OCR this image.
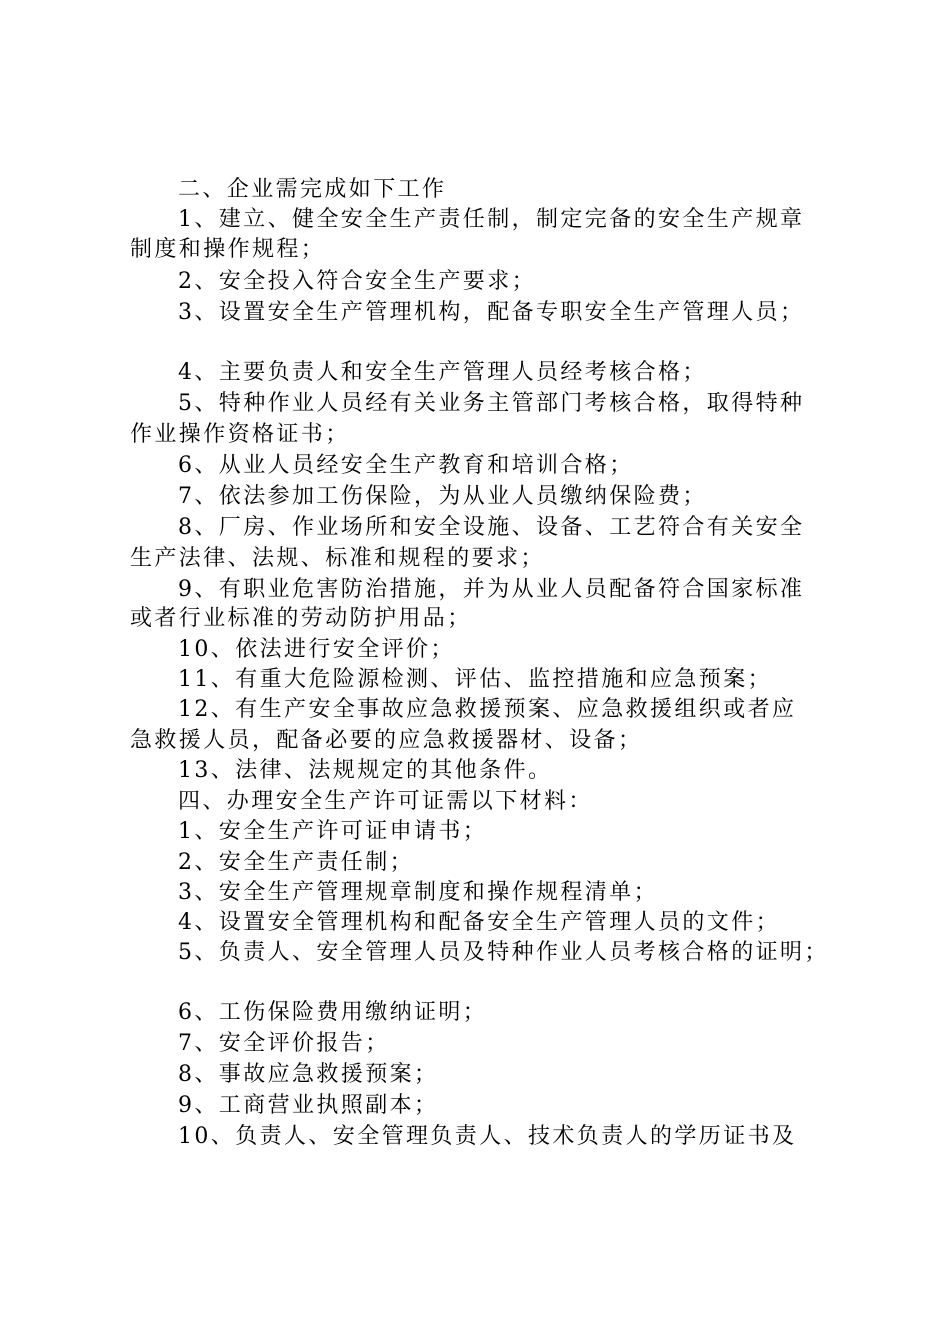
二、企业需完成如下工作
1、建立、健全安全生产责任制，制定完备的安全生产规章
制度和操作规程；
2、安全投入符合安全生产要求；
3、设置安全生产管理机构，配备专职安全生产管理人员；
4、主要负责人和安全生产管理人员经考核合格；
5、特种作业人员经有关业务主管部门考核合格，取得特种
作业操作资格证书；
6、从业人员经安全生产教育和培训合格；
7、依法参加工伤保险，为从业人员缴纳保险费；
8、厂房、作业场所和安全设施、设备、工艺符合有关安全
生产法律、法规、标准和规程的要求；
9、有职业危害防治措施，并为从业人员配备符合国家标准
或者行业标准的劳动防护用品；
10、依法进行安全评价；
11、有重大危险源检测、评估、监控措施和应急预案；
12、有生产安全事故应急救援预案、应急救援组织或者应
急救援人员，配备必要的应急救援器材、设备；
13、法律、法规规定的其他条件。
四、办理安全生产许可证需以下材料：
1、安全生产许可证申请书；
2、安全生产责任制；
3、安全生产管理规章制度和操作规程清单；
4、设置安全管理机构和配备安全生产管理人员的文件；
5、负责人、安全管理人员及特种作业人员考核合格的证明；
6、工伤保险费用缴纳证明；
7、安全评价报告；
8、事故应急救援预案；
9、工商营业执照副本；
10、负责人、安全管理负责人、技术负责人的学历证书及
